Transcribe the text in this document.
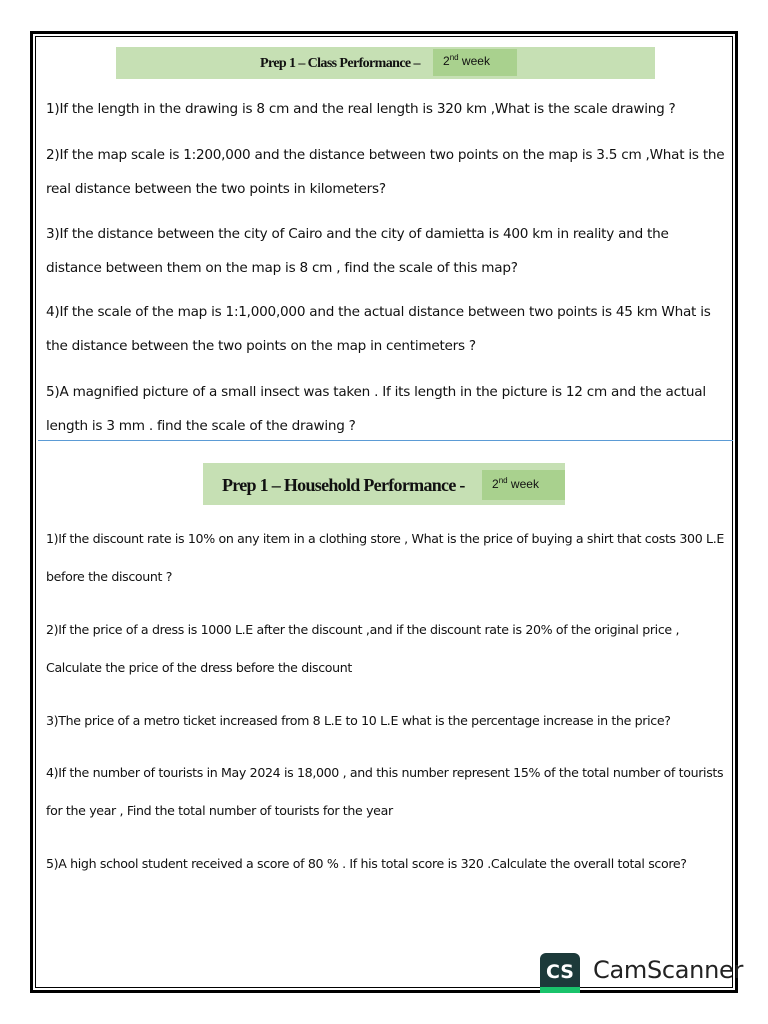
Prep 1 – Class Performance –	2nd week

1)If the length in the drawing is 8 cm and the real length is 320 km ,What is the scale drawing ?

2)If the map scale is 1:200,000 and the distance between two points on the map is 3.5 cm ,What is the real distance between the two points in kilometers?

3)If the distance between the city of Cairo and the city of damietta is 400 km in reality and the distance between them on the map is 8 cm , find the scale of this map?

4)If the scale of the map is 1:1,000,000 and the actual distance between two points is 45 km What is the distance between the two points on the map in centimeters ?

5)A magnified picture of a small insect was taken . If its length in the picture is 12 cm and the actual length is 3 mm . find the scale of the drawing ?

Prep 1 – Household Performance -	2nd week

1)If the discount rate is 10% on any item in a clothing store , What is the price of buying a shirt that costs 300 L.E before the discount ?

2)If the price of a dress is 1000 L.E after the discount ,and if the discount rate is 20% of the original price , Calculate the price of the dress before the discount

3)The price of a metro ticket increased from 8 L.E to 10 L.E what is the percentage increase in the price?

4)If the number of tourists in May 2024 is 18,000 , and this number represent 15% of the total number of tourists for the year , Find the total number of tourists for the year

5)A high school student received a score of 80 % . If his total score is 320 .Calculate the overall total score?

CS CamScanner
